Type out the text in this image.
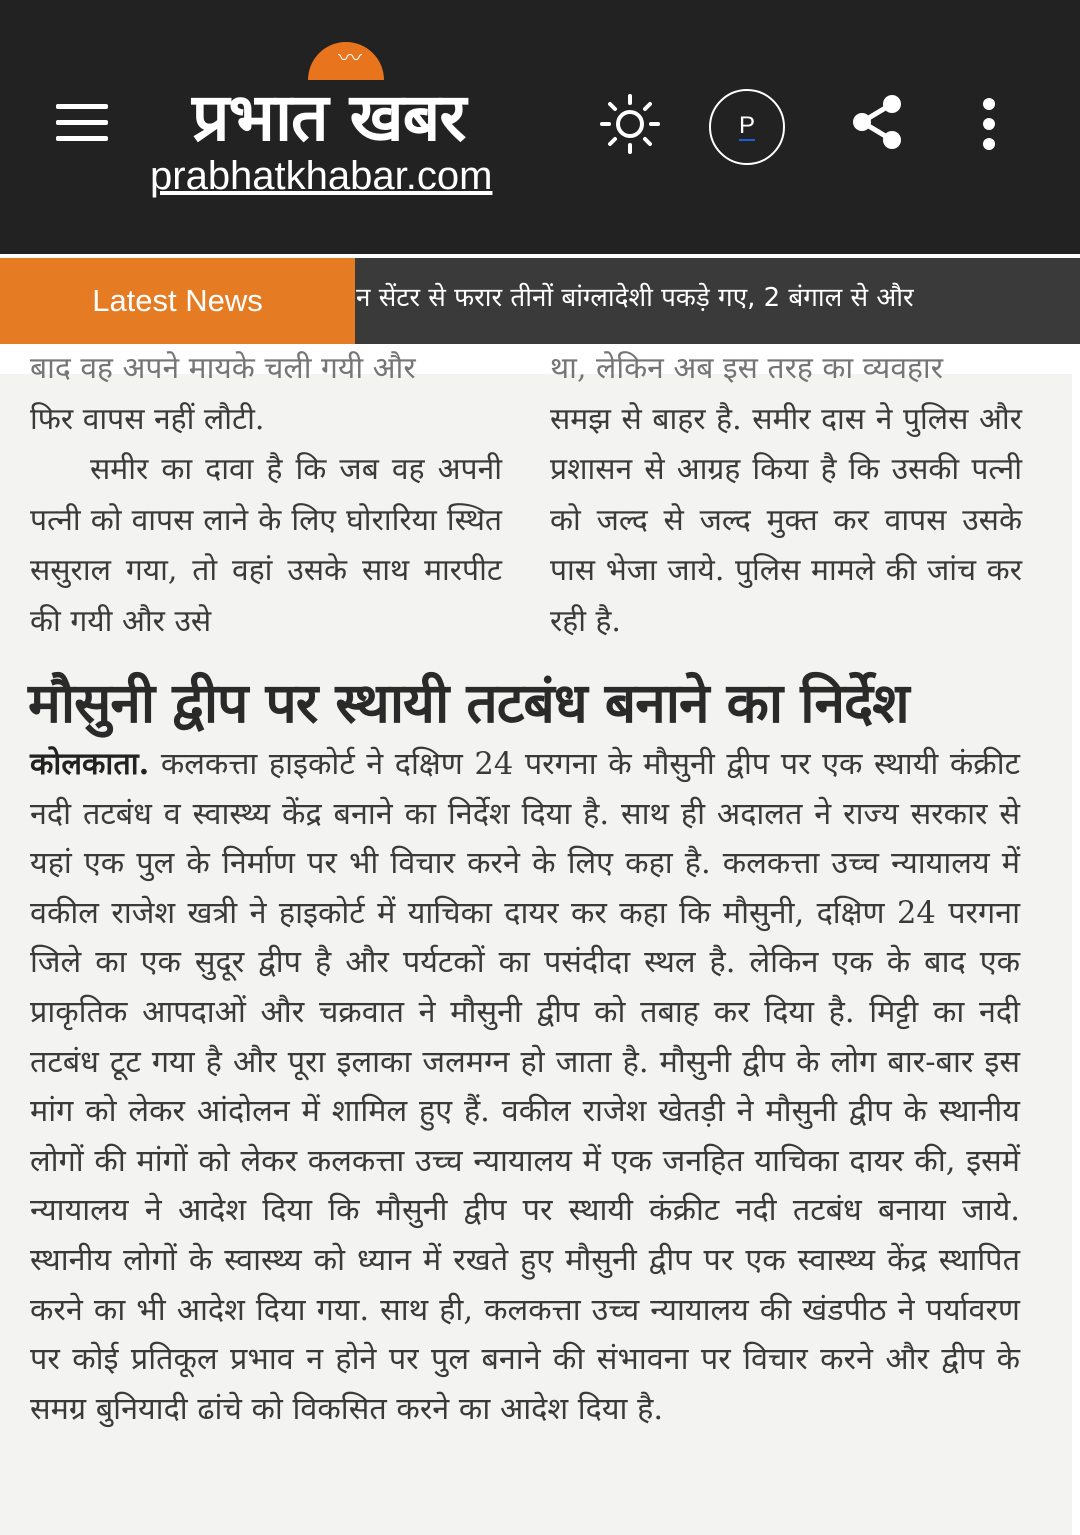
〰
प्रभात खबर
prabhatkhabar.com
P
Latest News	न सेंटर से फरार तीनों बांग्लादेशी पकड़े गए, 2 बंगाल से और
बाद वह अपने मायके चली गयी और
फिर वापस नहीं लौटी.
समीर का दावा है कि जब वह अपनी पत्नी को वापस लाने के लिए घोरारिया स्थित ससुराल गया, तो वहां उसके साथ मारपीट की गयी और उसे
था, लेकिन अब इस तरह का व्यवहार
समझ से बाहर है. समीर दास ने पुलिस और प्रशासन से आग्रह किया है कि उसकी पत्नी को जल्द से जल्द मुक्त कर वापस उसके पास भेजा जाये. पुलिस मामले की जांच कर रही है.
मौसुनी द्वीप पर स्थायी तटबंध बनाने का निर्देश
कोलकाता. कलकत्ता हाइकोर्ट ने दक्षिण 24 परगना के मौसुनी द्वीप पर एक स्थायी कंक्रीट नदी तटबंध व स्वास्थ्य केंद्र बनाने का निर्देश दिया है. साथ ही अदालत ने राज्य सरकार से यहां एक पुल के निर्माण पर भी विचार करने के लिए कहा है. कलकत्ता उच्च न्यायालय में वकील राजेश खत्री ने हाइकोर्ट में याचिका दायर कर कहा कि मौसुनी, दक्षिण 24 परगना जिले का एक सुदूर द्वीप है और पर्यटकों का पसंदीदा स्थल है. लेकिन एक के बाद एक प्राकृतिक आपदाओं और चक्रवात ने मौसुनी द्वीप को तबाह कर दिया है. मिट्टी का नदी तटबंध टूट गया है और पूरा इलाका जलमग्न हो जाता है. मौसुनी द्वीप के लोग बार-बार इस मांग को लेकर आंदोलन में शामिल हुए हैं. वकील राजेश खेतड़ी ने मौसुनी द्वीप के स्थानीय लोगों की मांगों को लेकर कलकत्ता उच्च न्यायालय में एक जनहित याचिका दायर की, इसमें न्यायालय ने आदेश दिया कि मौसुनी द्वीप पर स्थायी कंक्रीट नदी तटबंध बनाया जाये. स्थानीय लोगों के स्वास्थ्य को ध्यान में रखते हुए मौसुनी द्वीप पर एक स्वास्थ्य केंद्र स्थापित करने का भी आदेश दिया गया. साथ ही, कलकत्ता उच्च न्यायालय की खंडपीठ ने पर्यावरण पर कोई प्रतिकूल प्रभाव न होने पर पुल बनाने की संभावना पर विचार करने और द्वीप के समग्र बुनियादी ढांचे को विकसित करने का आदेश दिया है.
